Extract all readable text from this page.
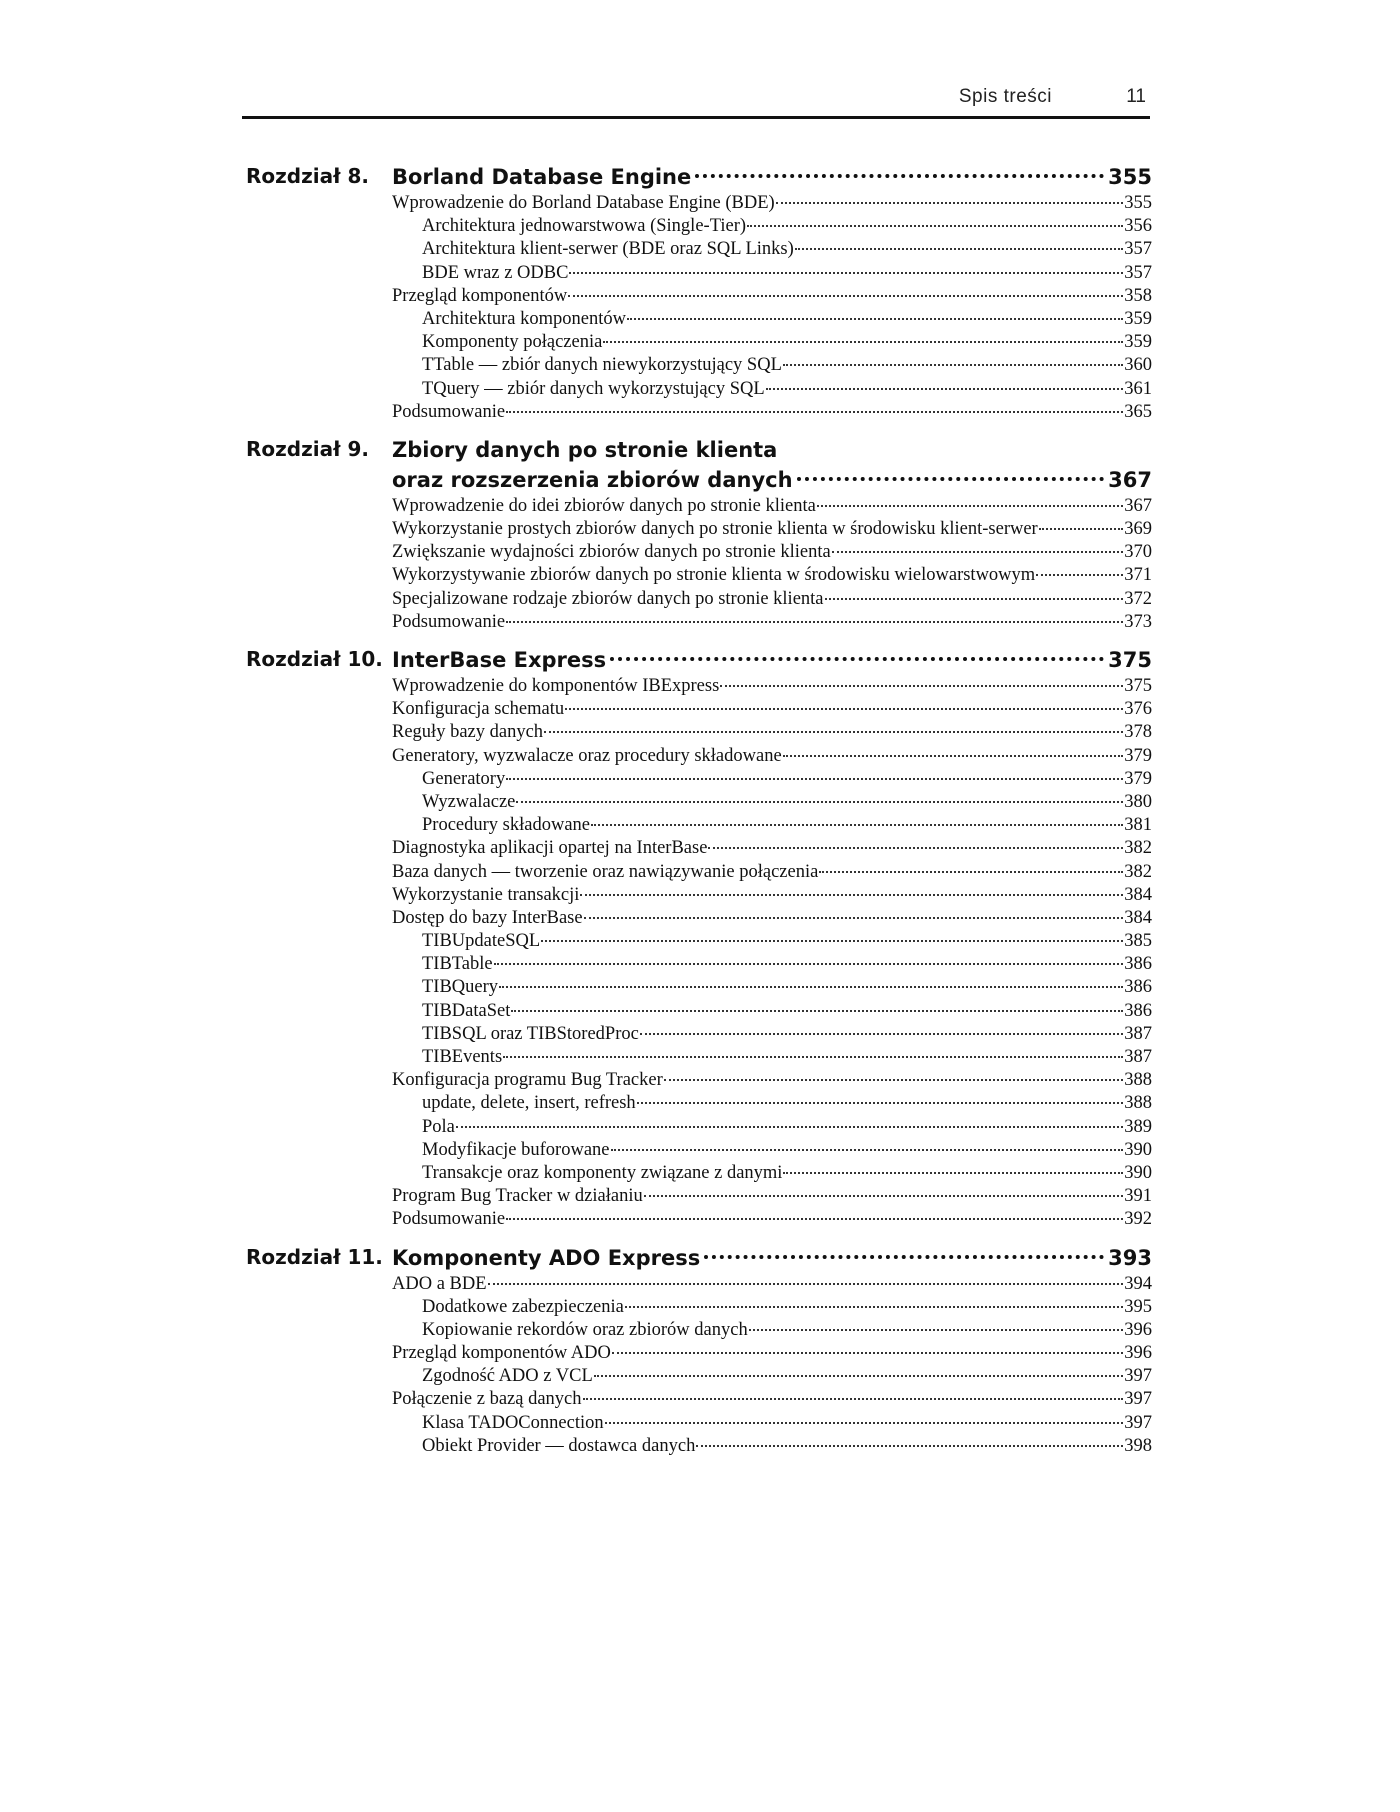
Spis treści	11
Rozdział 8. Borland Database Engine	355
Wprowadzenie do Borland Database Engine (BDE)	355
Architektura jednowarstwowa (Single-Tier)	356
Architektura klient-serwer (BDE oraz SQL Links)	357
BDE wraz z ODBC	357
Przegląd komponentów	358
Architektura komponentów	359
Komponenty połączenia	359
TTable — zbiór danych niewykorzystujący SQL	360
TQuery — zbiór danych wykorzystujący SQL	361
Podsumowanie	365
Rozdział 9. Zbiory danych po stronie klienta
oraz rozszerzenia zbiorów danych	367
Wprowadzenie do idei zbiorów danych po stronie klienta	367
Wykorzystanie prostych zbiorów danych po stronie klienta w środowisku klient-serwer	369
Zwiększanie wydajności zbiorów danych po stronie klienta	370
Wykorzystywanie zbiorów danych po stronie klienta w środowisku wielowarstwowym	371
Specjalizowane rodzaje zbiorów danych po stronie klienta	372
Podsumowanie	373
Rozdział 10. InterBase Express	375
Wprowadzenie do komponentów IBExpress	375
Konfiguracja schematu	376
Reguły bazy danych	378
Generatory, wyzwalacze oraz procedury składowane	379
Generatory	379
Wyzwalacze	380
Procedury składowane	381
Diagnostyka aplikacji opartej na InterBase	382
Baza danych — tworzenie oraz nawiązywanie połączenia	382
Wykorzystanie transakcji	384
Dostęp do bazy InterBase	384
TIBUpdateSQL	385
TIBTable	386
TIBQuery	386
TIBDataSet	386
TIBSQL oraz TIBStoredProc	387
TIBEvents	387
Konfiguracja programu Bug Tracker	388
update, delete, insert, refresh	388
Pola	389
Modyfikacje buforowane	390
Transakcje oraz komponenty związane z danymi	390
Program Bug Tracker w działaniu	391
Podsumowanie	392
Rozdział 11. Komponenty ADO Express	393
ADO a BDE	394
Dodatkowe zabezpieczenia	395
Kopiowanie rekordów oraz zbiorów danych	396
Przegląd komponentów ADO	396
Zgodność ADO z VCL	397
Połączenie z bazą danych	397
Klasa TADOConnection	397
Obiekt Provider — dostawca danych	398
